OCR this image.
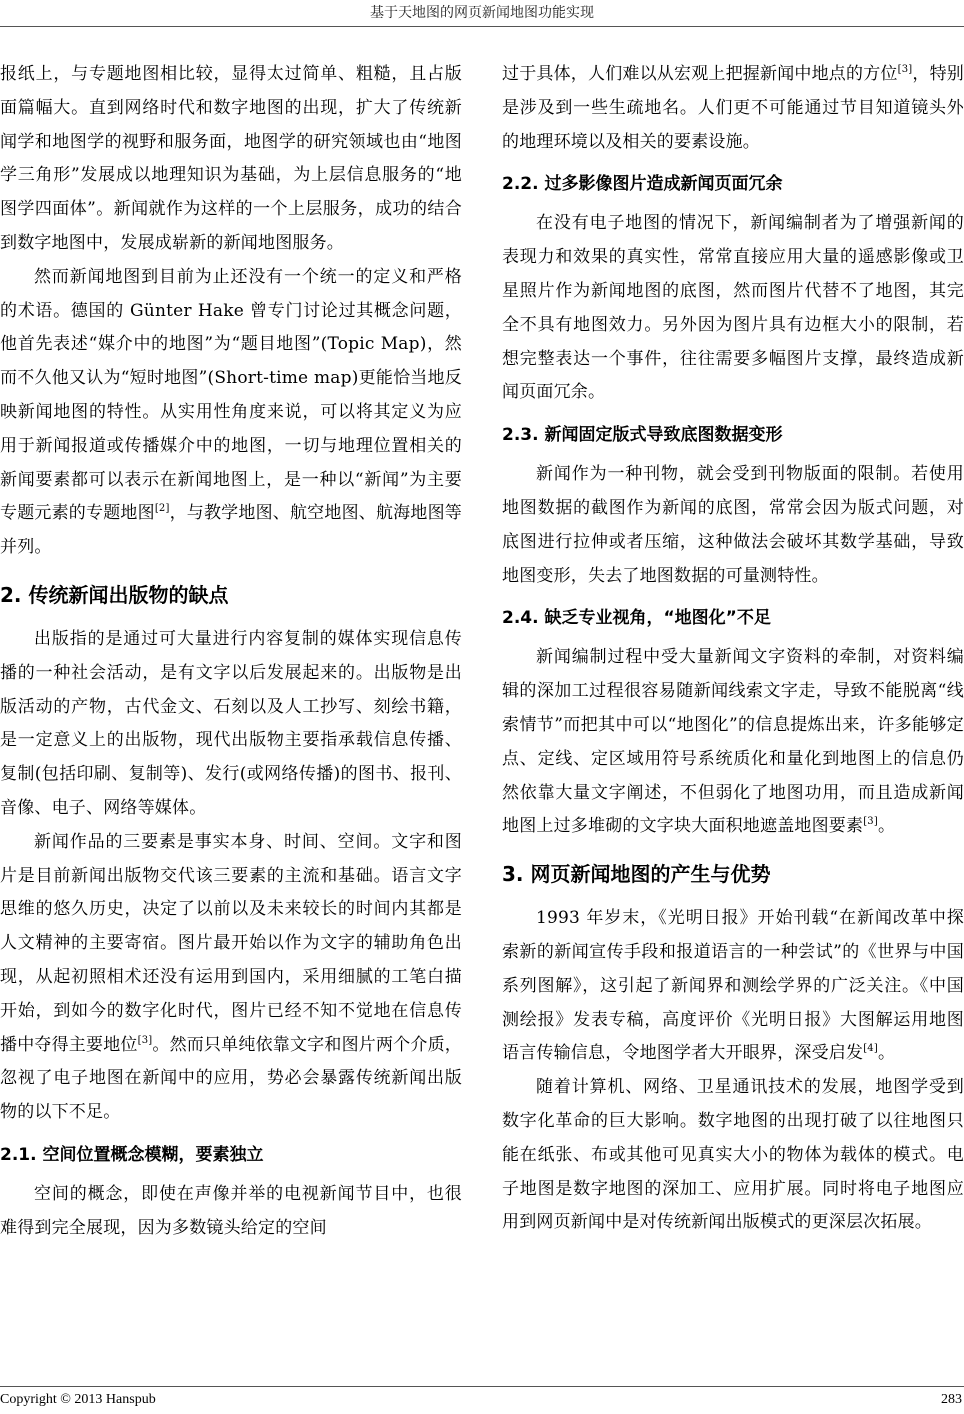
基于天地图的网页新闻地图功能实现

报纸上，与专题地图相比较，显得太过简单、粗糙，且占版面篇幅大。直到网络时代和数字地图的出现，扩大了传统新闻学和地图学的视野和服务面，地图学的研究领域也由“地图学三角形”发展成以地理知识为基础，为上层信息服务的“地图学四面体”。新闻就作为这样的一个上层服务，成功的结合到数字地图中，发展成崭新的新闻地图服务。

然而新闻地图到目前为止还没有一个统一的定义和严格的术语。德国的 Günter Hake 曾专门讨论过其概念问题，他首先表述“媒介中的地图”为“题目地图”(Topic Map)，然而不久他又认为“短时地图”(Short-time map)更能恰当地反映新闻地图的特性。从实用性角度来说，可以将其定义为应用于新闻报道或传播媒介中的地图，一切与地理位置相关的新闻要素都可以表示在新闻地图上，是一种以“新闻”为主要专题元素的专题地图[2]，与教学地图、航空地图、航海地图等并列。

2. 传统新闻出版物的缺点

出版指的是通过可大量进行内容复制的媒体实现信息传播的一种社会活动，是有文字以后发展起来的。出版物是出版活动的产物，古代金文、石刻以及人工抄写、刻绘书籍，是一定意义上的出版物，现代出版物主要指承载信息传播、复制(包括印刷、复制等)、发行(或网络传播)的图书、报刊、音像、电子、网络等媒体。

新闻作品的三要素是事实本身、时间、空间。文字和图片是目前新闻出版物交代该三要素的主流和基础。语言文字思维的悠久历史，决定了以前以及未来较长的时间内其都是人文精神的主要寄宿。图片最开始以作为文字的辅助角色出现，从起初照相术还没有运用到国内，采用细腻的工笔白描开始，到如今的数字化时代，图片已经不知不觉地在信息传播中夺得主要地位[3]。然而只单纯依靠文字和图片两个介质，忽视了电子地图在新闻中的应用，势必会暴露传统新闻出版物的以下不足。

2.1. 空间位置概念模糊，要素独立

空间的概念，即使在声像并举的电视新闻节目中，也很难得到完全展现，因为多数镜头给定的空间

过于具体，人们难以从宏观上把握新闻中地点的方位[3]，特别是涉及到一些生疏地名。人们更不可能通过节目知道镜头外的地理环境以及相关的要素设施。

2.2. 过多影像图片造成新闻页面冗余

在没有电子地图的情况下，新闻编制者为了增强新闻的表现力和效果的真实性，常常直接应用大量的遥感影像或卫星照片作为新闻地图的底图，然而图片代替不了地图，其完全不具有地图效力。另外因为图片具有边框大小的限制，若想完整表达一个事件，往往需要多幅图片支撑，最终造成新闻页面冗余。

2.3. 新闻固定版式导致底图数据变形

新闻作为一种刊物，就会受到刊物版面的限制。若使用地图数据的截图作为新闻的底图，常常会因为版式问题，对底图进行拉伸或者压缩，这种做法会破坏其数学基础，导致地图变形，失去了地图数据的可量测特性。

2.4. 缺乏专业视角，“地图化”不足

新闻编制过程中受大量新闻文字资料的牵制，对资料编辑的深加工过程很容易随新闻线索文字走，导致不能脱离“线索情节”而把其中可以“地图化”的信息提炼出来，许多能够定点、定线、定区域用符号系统质化和量化到地图上的信息仍然依靠大量文字阐述，不但弱化了地图功用，而且造成新闻地图上过多堆砌的文字块大面积地遮盖地图要素[3]。

3. 网页新闻地图的产生与优势

1993 年岁末，《光明日报》开始刊载“在新闻改革中探索新的新闻宣传手段和报道语言的一种尝试”的《世界与中国系列图解》，这引起了新闻界和测绘学界的广泛关注。《中国测绘报》发表专稿，高度评价《光明日报》大图解运用地图语言传输信息，令地图学者大开眼界，深受启发[4]。

随着计算机、网络、卫星通讯技术的发展，地图学受到数字化革命的巨大影响。数字地图的出现打破了以往地图只能在纸张、布或其他可见真实大小的物体为载体的模式。电子地图是数字地图的深加工、应用扩展。同时将电子地图应用到网页新闻中是对传统新闻出版模式的更深层次拓展。

Copyright © 2013 Hanspub	283
